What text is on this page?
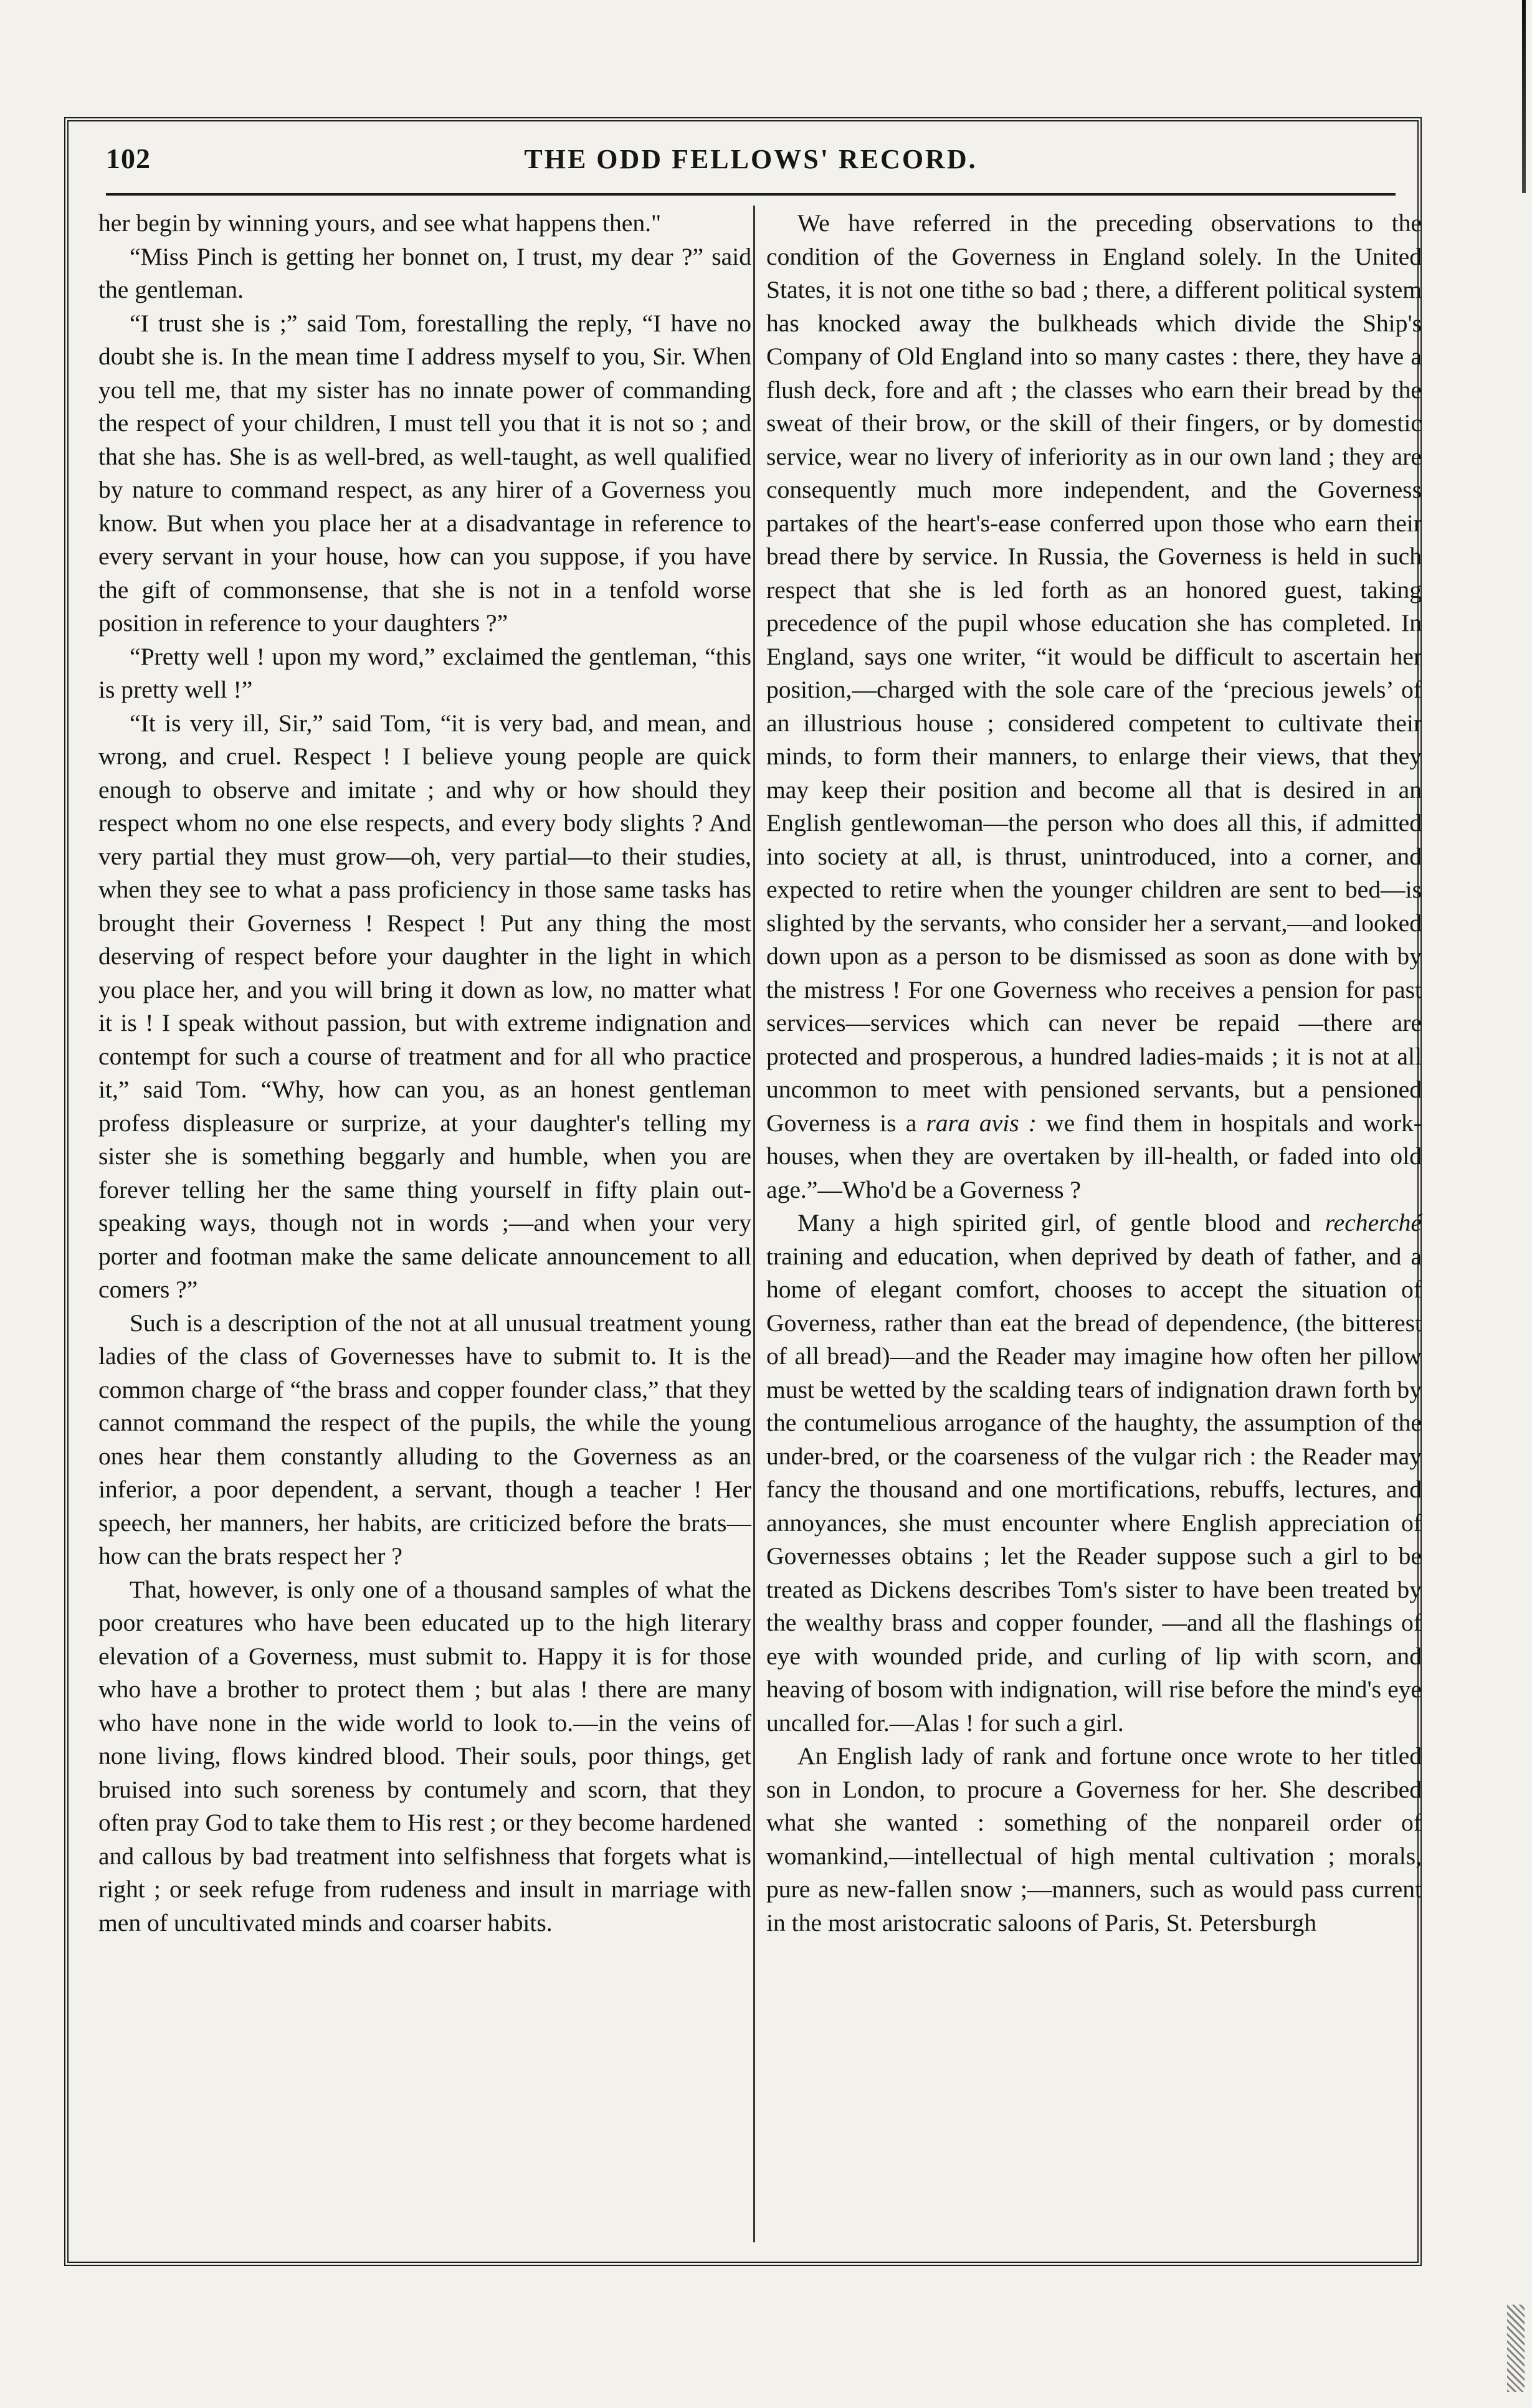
102	THE ODD FELLOWS' RECORD.

her begin by winning yours, and see what happens then."

“Miss Pinch is getting her bonnet on, I trust, my dear ?” said the gentleman.

“I trust she is ;” said Tom, forestalling the reply, “I have no doubt she is. In the mean time I address myself to you, Sir. When you tell me, that my sister has no innate power of commanding the respect of your children, I must tell you that it is not so ; and that she has. She is as well-bred, as well-taught, as well qualified by nature to command respect, as any hirer of a Governess you know. But when you place her at a disadvantage in reference to every servant in your house, how can you suppose, if you have the gift of commonsense, that she is not in a tenfold worse position in reference to your daughters ?”

“Pretty well ! upon my word,” exclaimed the gentleman, “this is pretty well !”

“It is very ill, Sir,” said Tom, “it is very bad, and mean, and wrong, and cruel. Respect ! I believe young people are quick enough to observe and imitate ; and why or how should they respect whom no one else respects, and every body slights ? And very partial they must grow—oh, very partial—to their studies, when they see to what a pass proficiency in those same tasks has brought their Governess ! Respect ! Put any thing the most deserving of respect before your daughter in the light in which you place her, and you will bring it down as low, no matter what it is ! I speak without passion, but with extreme indignation and contempt for such a course of treatment and for all who practice it,” said Tom. “Why, how can you, as an honest gentleman profess displeasure or surprize, at your daughter's telling my sister she is something beggarly and humble, when you are forever telling her the same thing yourself in fifty plain out-speaking ways, though not in words ;—and when your very porter and footman make the same delicate announcement to all comers ?”

Such is a description of the not at all unusual treatment young ladies of the class of Governesses have to submit to. It is the common charge of “the brass and copper founder class,” that they cannot command the respect of the pupils, the while the young ones hear them constantly alluding to the Governess as an inferior, a poor dependent, a servant, though a teacher ! Her speech, her manners, her habits, are criticized before the brats—how can the brats respect her ?

That, however, is only one of a thousand samples of what the poor creatures who have been educated up to the high literary elevation of a Governess, must submit to. Happy it is for those who have a brother to protect them ; but alas ! there are many who have none in the wide world to look to.—in the veins of none living, flows kindred blood. Their souls, poor things, get bruised into such soreness by contumely and scorn, that they often pray God to take them to His rest ; or they become hardened and callous by bad treatment into selfishness that forgets what is right ; or seek refuge from rudeness and insult in marriage with men of uncultivated minds and coarser habits.

We have referred in the preceding observations to the condition of the Governess in England solely. In the United States, it is not one tithe so bad ; there, a different political system has knocked away the bulkheads which divide the Ship's Company of Old England into so many castes : there, they have a flush deck, fore and aft ; the classes who earn their bread by the sweat of their brow, or the skill of their fingers, or by domestic service, wear no livery of inferiority as in our own land ; they are consequently much more independent, and the Governess partakes of the heart's-ease conferred upon those who earn their bread there by service. In Russia, the Governess is held in such respect that she is led forth as an honored guest, taking precedence of the pupil whose education she has completed. In England, says one writer, “it would be difficult to ascertain her position,—charged with the sole care of the ‘precious jewels’ of an illustrious house ; considered competent to cultivate their minds, to form their manners, to enlarge their views, that they may keep their position and become all that is desired in an English gentlewoman—the person who does all this, if admitted into society at all, is thrust, unintroduced, into a corner, and expected to retire when the younger children are sent to bed—is slighted by the servants, who consider her a servant,—and looked down upon as a person to be dismissed as soon as done with by the mistress ! For one Governess who receives a pension for past services—services which can never be repaid —there are protected and prosperous, a hundred ladies-maids ; it is not at all uncommon to meet with pensioned servants, but a pensioned Governess is a rara avis : we find them in hospitals and work-houses, when they are overtaken by ill-health, or faded into old age.”—Who'd be a Governess ?

Many a high spirited girl, of gentle blood and recherché training and education, when deprived by death of father, and a home of elegant comfort, chooses to accept the situation of Governess, rather than eat the bread of dependence, (the bitterest of all bread)—and the Reader may imagine how often her pillow must be wetted by the scalding tears of indignation drawn forth by the contumelious arrogance of the haughty, the assumption of the under-bred, or the coarseness of the vulgar rich : the Reader may fancy the thousand and one mortifications, rebuffs, lectures, and annoyances, she must encounter where English appreciation of Governesses obtains ; let the Reader suppose such a girl to be treated as Dickens describes Tom's sister to have been treated by the wealthy brass and copper founder, —and all the flashings of eye with wounded pride, and curling of lip with scorn, and heaving of bosom with indignation, will rise before the mind's eye uncalled for.—Alas ! for such a girl.

An English lady of rank and fortune once wrote to her titled son in London, to procure a Governess for her. She described what she wanted : something of the nonpareil order of womankind,—intellectual of high mental cultivation ; morals, pure as new-fallen snow ;—manners, such as would pass current in the most aristocratic saloons of Paris, St. Petersburgh
